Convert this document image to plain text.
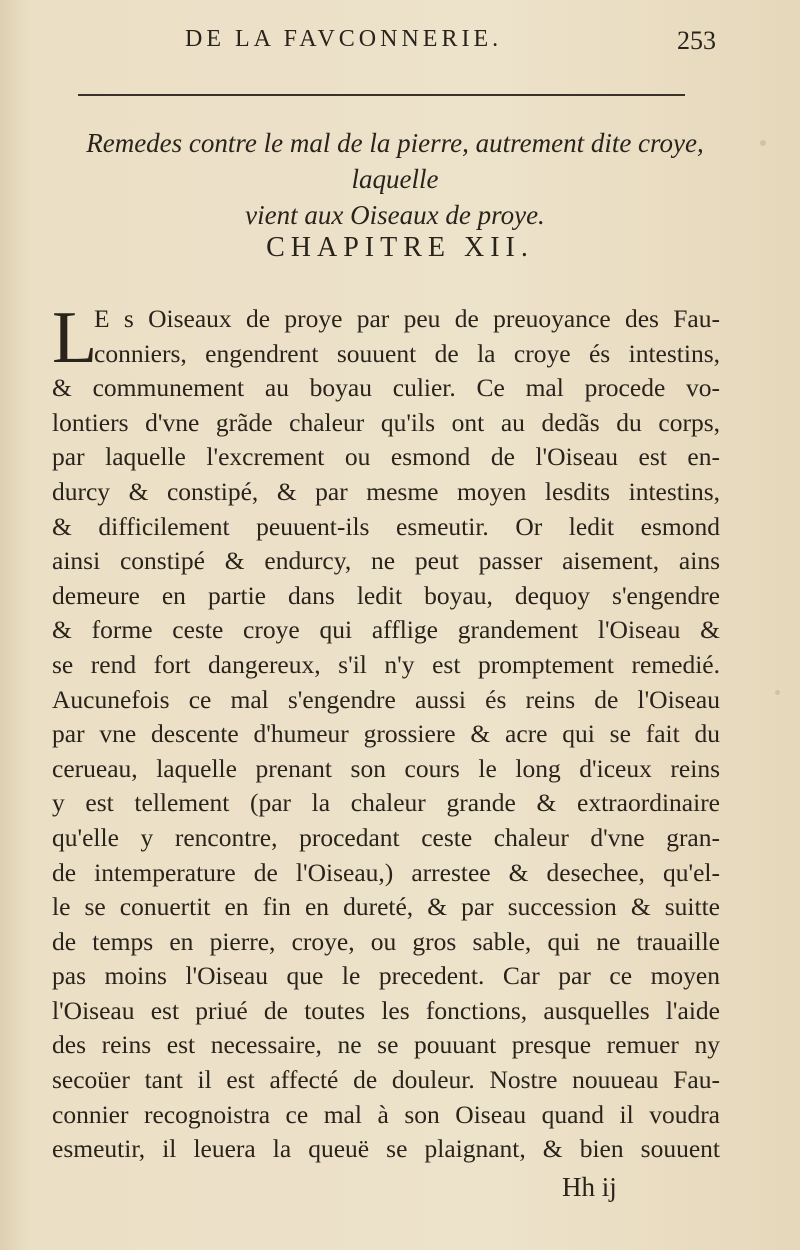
DE LA FAVCONNERIE.	253
Remedes contre le mal de la pierre, autrement dite croye, laquelle
vient aux Oiseaux de proye.
CHAPITRE XII.
L
E s Oiseaux de proye par peu de preuoyance des Fau-
conniers, engendrent souuent de la croye és intestins,
& communement au boyau culier. Ce mal procede vo-
lontiers d'vne grãde chaleur qu'ils ont au dedãs du corps,
par laquelle l'excrement ou esmond de l'Oiseau est en-
durcy & constipé, & par mesme moyen lesdits intestins,
& difficilement peuuent-ils esmeutir. Or ledit esmond
ainsi constipé & endurcy, ne peut passer aisement, ains
demeure en partie dans ledit boyau, dequoy s'engendre
& forme ceste croye qui afflige grandement l'Oiseau &
se rend fort dangereux, s'il n'y est promptement remedié.
Aucunefois ce mal s'engendre aussi és reins de l'Oiseau
par vne descente d'humeur grossiere & acre qui se fait du
cerueau, laquelle prenant son cours le long d'iceux reins
y est tellement (par la chaleur grande & extraordinaire
qu'elle y rencontre, procedant ceste chaleur d'vne gran-
de intemperature de l'Oiseau,) arrestee & desechee, qu'el-
le se conuertit en fin en dureté, & par succession & suitte
de temps en pierre, croye, ou gros sable, qui ne trauaille
pas moins l'Oiseau que le precedent. Car par ce moyen
l'Oiseau est priué de toutes les fonctions, ausquelles l'aide
des reins est necessaire, ne se pouuant presque remuer ny
secoüer tant il est affecté de douleur. Nostre nouueau Fau-
connier recognoistra ce mal à son Oiseau quand il voudra
esmeutir, il leuera la queuë se plaignant, & bien souuent
Hh ij
